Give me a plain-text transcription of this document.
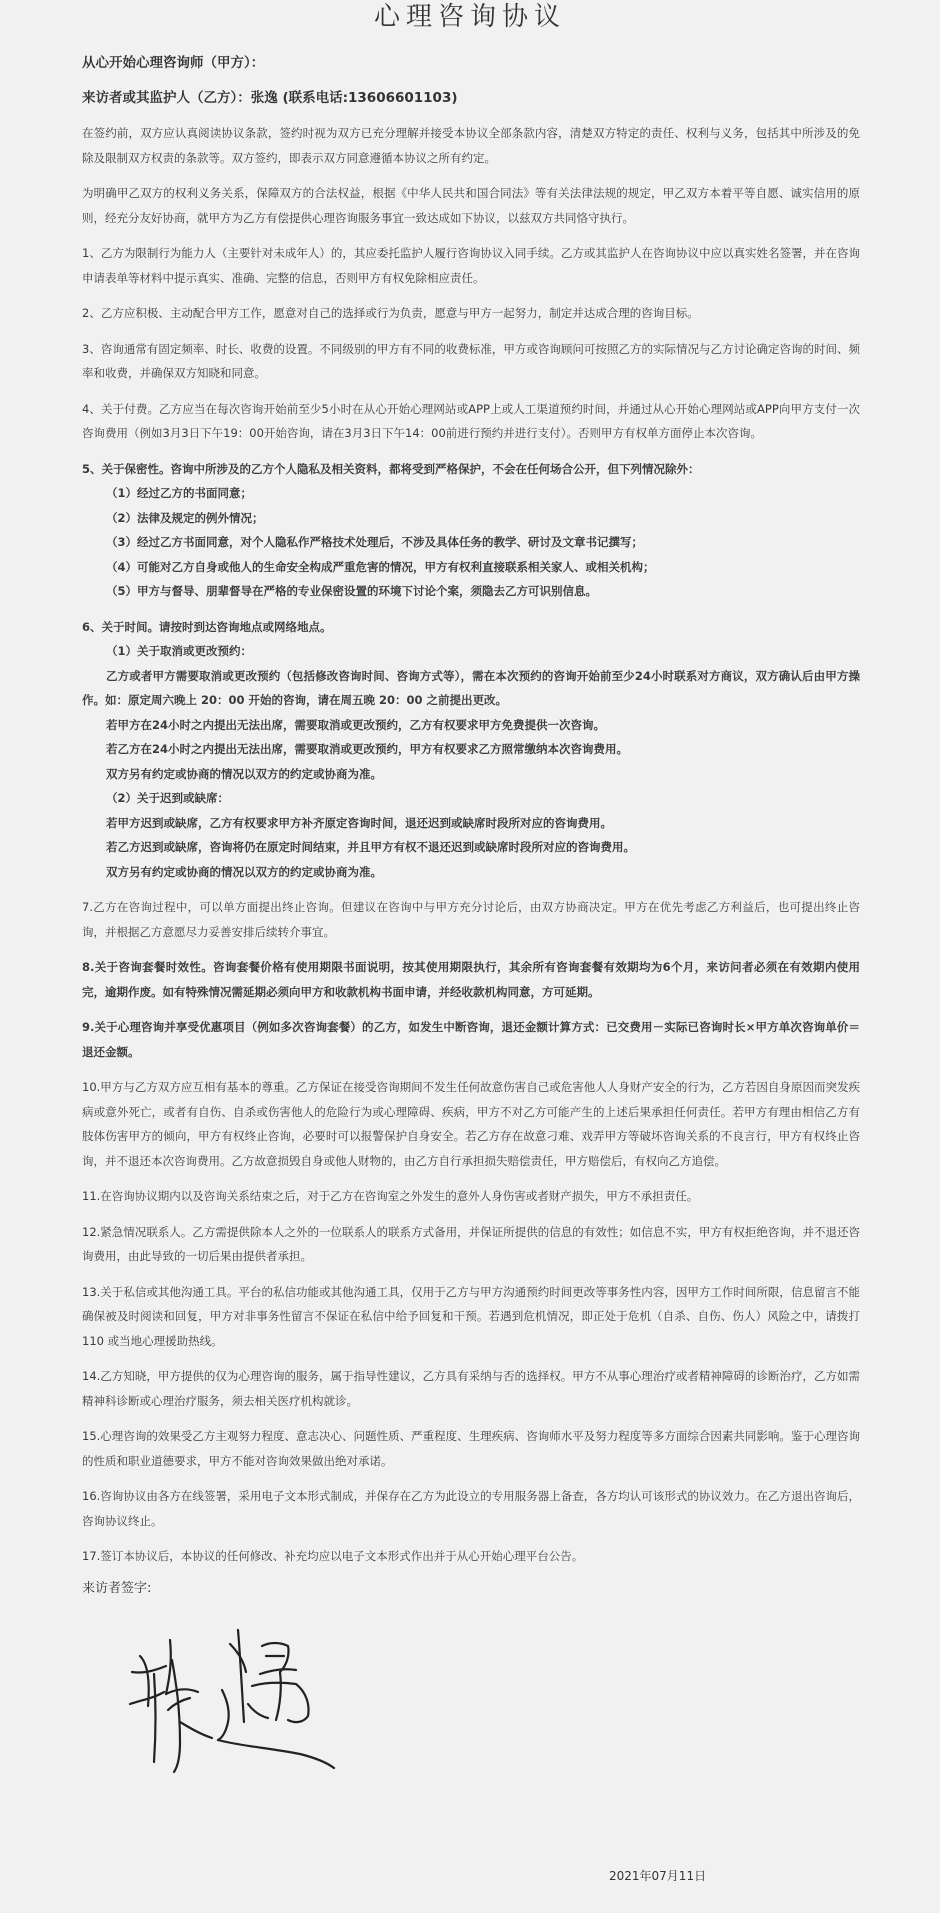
心理咨询协议
从心开始心理咨询师（甲方）：
来访者或其监护人（乙方）：张逸 (联系电话:13606601103)
在签约前，双方应认真阅读协议条款，签约时视为双方已充分理解并接受本协议全部条款内容，清楚双方特定的责任、权利与义务，包括其中所涉及的免除及限制双方权责的条款等。双方签约，即表示双方同意遵循本协议之所有约定。
为明确甲乙双方的权利义务关系，保障双方的合法权益，根据《中华人民共和国合同法》等有关法律法规的规定，甲乙双方本着平等自愿、诚实信用的原则，经充分友好协商，就甲方为乙方有偿提供心理咨询服务事宜一致达成如下协议，以兹双方共同恪守执行。
1、乙方为限制行为能力人（主要针对未成年人）的，其应委托监护人履行咨询协议入同手续。乙方或其监护人在咨询协议中应以真实姓名签署，并在咨询申请表单等材料中提示真实、准确、完整的信息，否则甲方有权免除相应责任。
2、乙方应积极、主动配合甲方工作，愿意对自己的选择或行为负责，愿意与甲方一起努力，制定并达成合理的咨询目标。
3、咨询通常有固定频率、时长、收费的设置。不同级别的甲方有不同的收费标准，甲方或咨询顾问可按照乙方的实际情况与乙方讨论确定咨询的时间、频率和收费，并确保双方知晓和同意。
4、关于付费。乙方应当在每次咨询开始前至少5小时在从心开始心理网站或APP上或人工渠道预约时间，并通过从心开始心理网站或APP向甲方支付一次咨询费用（例如3月3日下午19：00开始咨询，请在3月3日下午14：00前进行预约并进行支付）。否则甲方有权单方面停止本次咨询。
5、关于保密性。咨询中所涉及的乙方个人隐私及相关资料，都将受到严格保护，不会在任何场合公开，但下列情况除外：
（1）经过乙方的书面同意；
（2）法律及规定的例外情况；
（3）经过乙方书面同意，对个人隐私作严格技术处理后，不涉及具体任务的教学、研讨及文章书记撰写；
（4）可能对乙方自身或他人的生命安全构成严重危害的情况，甲方有权利直接联系相关家人、或相关机构；
（5）甲方与督导、朋辈督导在严格的专业保密设置的环境下讨论个案，须隐去乙方可识别信息。
6、关于时间。请按时到达咨询地点或网络地点。
（1）关于取消或更改预约：
乙方或者甲方需要取消或更改预约（包括修改咨询时间、咨询方式等），需在本次预约的咨询开始前至少24小时联系对方商议，双方确认后由甲方操作。如：原定周六晚上 20：00 开始的咨询，请在周五晚 20：00 之前提出更改。
若甲方在24小时之内提出无法出席，需要取消或更改预约，乙方有权要求甲方免费提供一次咨询。
若乙方在24小时之内提出无法出席，需要取消或更改预约，甲方有权要求乙方照常缴纳本次咨询费用。
双方另有约定或协商的情况以双方的约定或协商为准。
（2）关于迟到或缺席：
若甲方迟到或缺席，乙方有权要求甲方补齐原定咨询时间，退还迟到或缺席时段所对应的咨询费用。
若乙方迟到或缺席，咨询将仍在原定时间结束，并且甲方有权不退还迟到或缺席时段所对应的咨询费用。
双方另有约定或协商的情况以双方的约定或协商为准。
7.乙方在咨询过程中，可以单方面提出终止咨询。但建议在咨询中与甲方充分讨论后，由双方协商决定。甲方在优先考虑乙方利益后，也可提出终止咨询，并根据乙方意愿尽力妥善安排后续转介事宜。
8.关于咨询套餐时效性。咨询套餐价格有使用期限书面说明，按其使用期限执行，其余所有咨询套餐有效期均为6个月，来访问者必须在有效期内使用完，逾期作废。如有特殊情况需延期必须向甲方和收款机构书面申请，并经收款机构同意，方可延期。
9.关于心理咨询并享受优惠项目（例如多次咨询套餐）的乙方，如发生中断咨询，退还金额计算方式：已交费用－实际已咨询时长×甲方单次咨询单价＝退还金额。
10.甲方与乙方双方应互相有基本的尊重。乙方保证在接受咨询期间不发生任何故意伤害自己或危害他人人身财产安全的行为，乙方若因自身原因而突发疾病或意外死亡，或者有自伤、自杀或伤害他人的危险行为或心理障碍、疾病，甲方不对乙方可能产生的上述后果承担任何责任。若甲方有理由相信乙方有肢体伤害甲方的倾向，甲方有权终止咨询，必要时可以报警保护自身安全。若乙方存在故意刁难、戏弄甲方等破坏咨询关系的不良言行，甲方有权终止咨询，并不退还本次咨询费用。乙方故意损毁自身或他人财物的，由乙方自行承担损失赔偿责任，甲方赔偿后，有权向乙方追偿。
11.在咨询协议期内以及咨询关系结束之后，对于乙方在咨询室之外发生的意外人身伤害或者财产损失，甲方不承担责任。
12.紧急情况联系人。乙方需提供除本人之外的一位联系人的联系方式备用，并保证所提供的信息的有效性；如信息不实，甲方有权拒绝咨询，并不退还咨询费用，由此导致的一切后果由提供者承担。
13.关于私信或其他沟通工具。平台的私信功能或其他沟通工具，仅用于乙方与甲方沟通预约时间更改等事务性内容，因甲方工作时间所限，信息留言不能确保被及时阅读和回复，甲方对非事务性留言不保证在私信中给予回复和干预。若遇到危机情况，即正处于危机（自杀、自伤、伤人）风险之中，请拨打 110 或当地心理援助热线。
14.乙方知晓，甲方提供的仅为心理咨询的服务，属于指导性建议，乙方具有采纳与否的选择权。甲方不从事心理治疗或者精神障碍的诊断治疗，乙方如需精神科诊断或心理治疗服务，须去相关医疗机构就诊。
15.心理咨询的效果受乙方主观努力程度、意志决心、问题性质、严重程度、生理疾病、咨询师水平及努力程度等多方面综合因素共同影响。鉴于心理咨询的性质和职业道德要求，甲方不能对咨询效果做出绝对承诺。
16.咨询协议由各方在线签署，采用电子文本形式制成，并保存在乙方为此设立的专用服务器上备查，各方均认可该形式的协议效力。在乙方退出咨询后，咨询协议终止。
17.签订本协议后，本协议的任何修改、补充均应以电子文本形式作出并于从心开始心理平台公告。
来访者签字:
2021年07月11日
